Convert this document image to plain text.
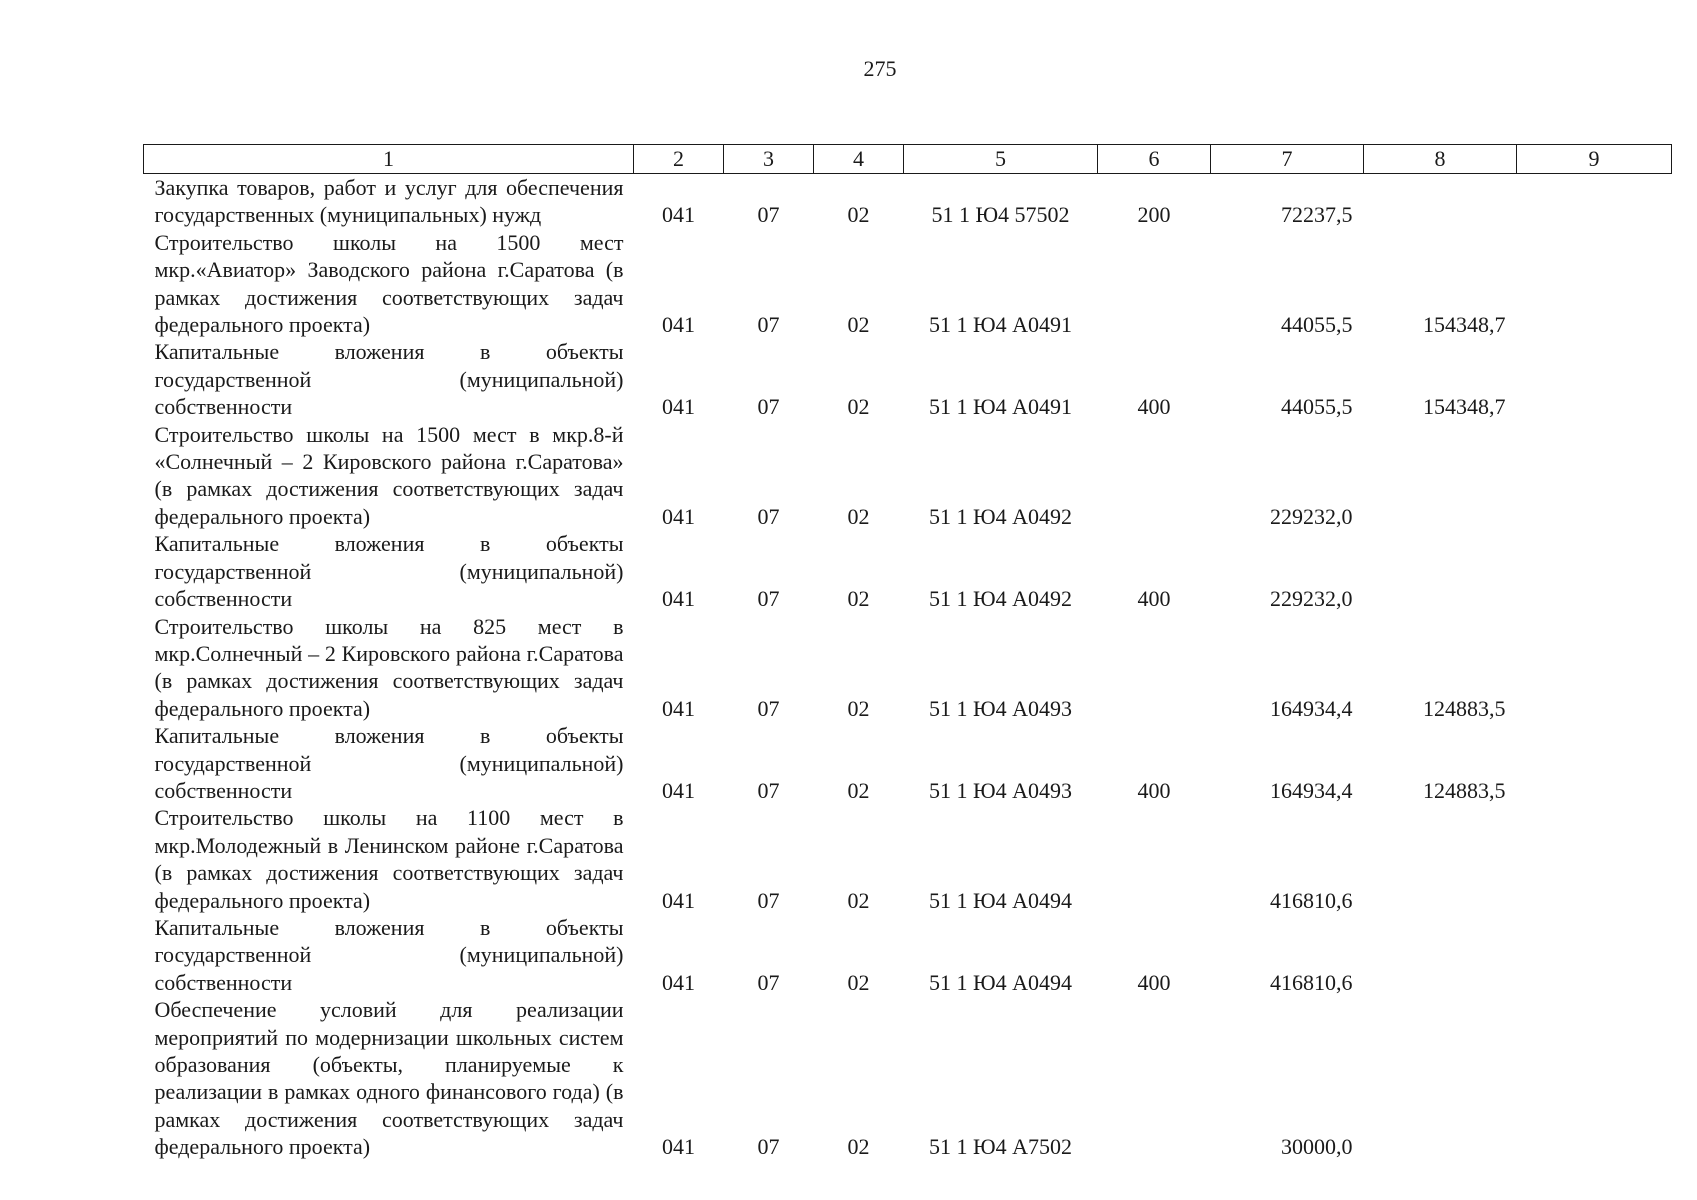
275
1	2	3	4	5	6	7	8	9
Закупка товаров, работ и услуг для обеспечения государственных (муниципальных) нужд	041	07	02	51 1 Ю4 57502	200	72237,5		
Строительство школы на 1500 мест мкр.«Авиатор» Заводского района г.Саратова (в рамках достижения соответствующих задач федерального проекта)	041	07	02	51 1 Ю4 А0491		44055,5	154348,7	
Капитальные вложения в объекты государственной (муниципальной) собственности	041	07	02	51 1 Ю4 А0491	400	44055,5	154348,7	
Строительство школы на 1500 мест в мкр.8-й «Солнечный – 2 Кировского района г.Саратова» (в рамках достижения соответствующих задач федерального проекта)	041	07	02	51 1 Ю4 А0492		229232,0		
Капитальные вложения в объекты государственной (муниципальной) собственности	041	07	02	51 1 Ю4 А0492	400	229232,0		
Строительство школы на 825 мест в мкр.Солнечный – 2 Кировского района г.Саратова (в рамках достижения соответствующих задач федерального проекта)	041	07	02	51 1 Ю4 А0493		164934,4	124883,5	
Капитальные вложения в объекты государственной (муниципальной) собственности	041	07	02	51 1 Ю4 А0493	400	164934,4	124883,5	
Строительство школы на 1100 мест в мкр.Молодежный в Ленинском районе г.Саратова (в рамках достижения соответствующих задач федерального проекта)	041	07	02	51 1 Ю4 А0494		416810,6		
Капитальные вложения в объекты государственной (муниципальной) собственности	041	07	02	51 1 Ю4 А0494	400	416810,6		
Обеспечение условий для реализации мероприятий по модернизации школьных систем образования (объекты, планируемые к реализации в рамках одного финансового года) (в рамках достижения соответствующих задач федерального проекта)	041	07	02	51 1 Ю4 А7502		30000,0		
